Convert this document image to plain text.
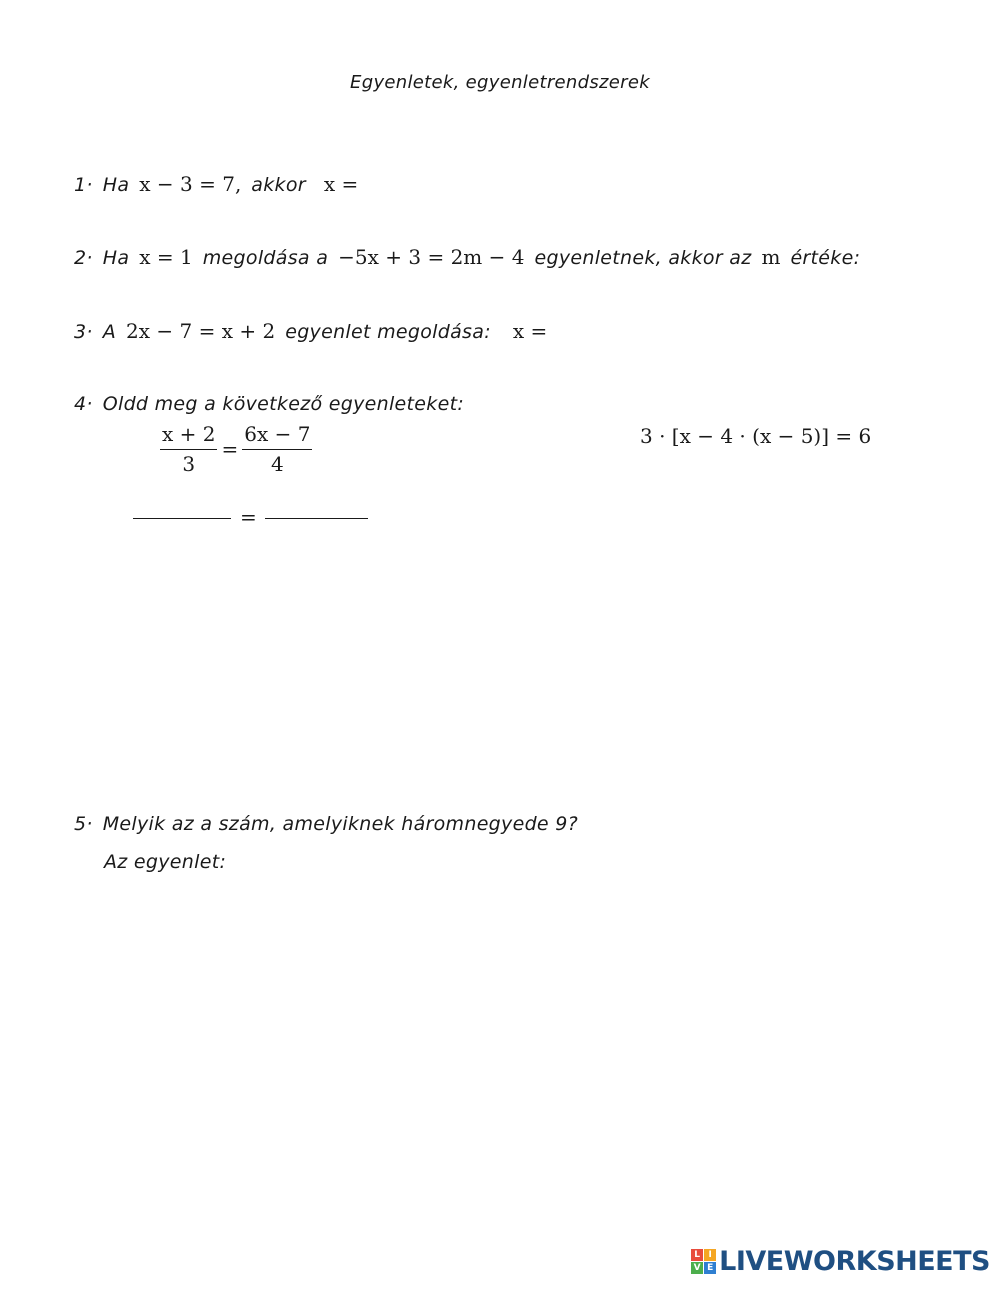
Egyenletek, egyenletrendszerek
1· Ha x − 3 = 7, akkor x =
2· Ha x = 1 megoldása a −5x + 3 = 2m − 4 egyenletnek, akkor az m értéke:
3· A 2x − 7 = x + 2 egyenlet megoldása: x =
4· Oldd meg a következő egyenleteket:
$\frac{x + 2}{3} = \frac{6x - 7}{4}$	3 · [x − 4 · (x − 5)] = 6
=
5· Melyik az a szám, amelyiknek háromnegyede 9?
Az egyenlet:
L I
V E LIVEWORKSHEETS
